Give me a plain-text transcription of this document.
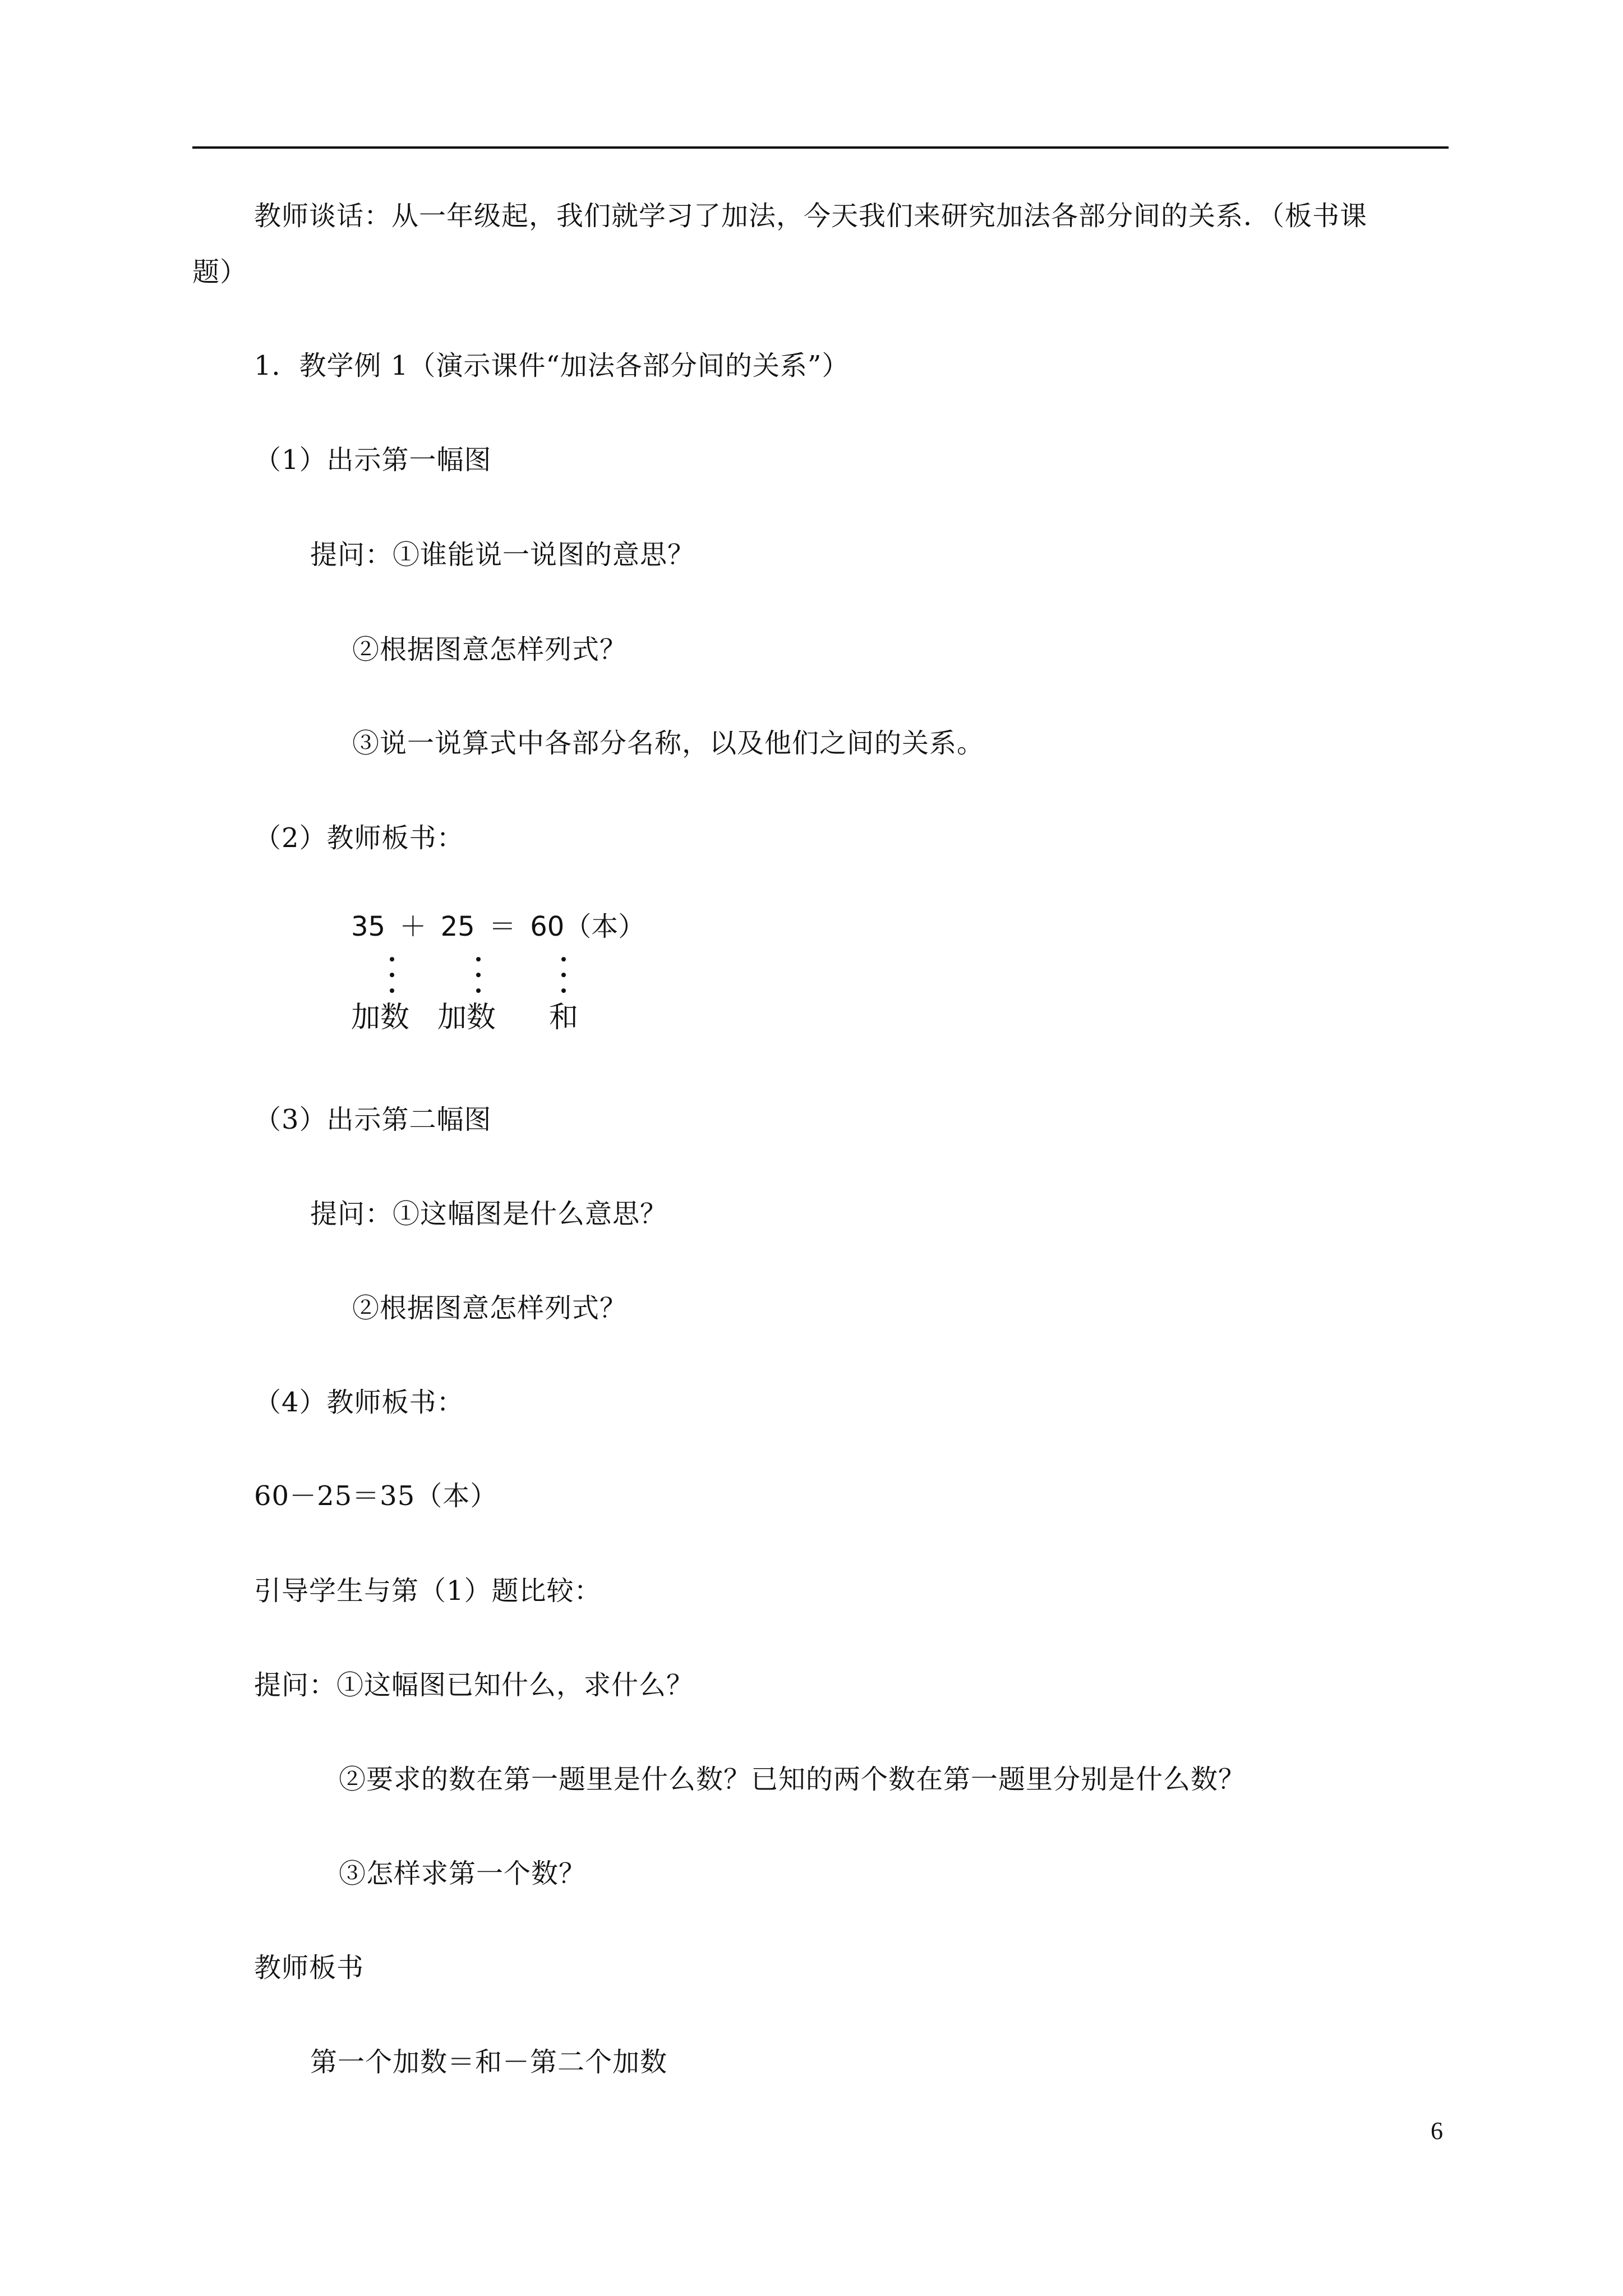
教师谈话：从一年级起，我们就学习了加法，今天我们来研究加法各部分间的关系．（板书课
题）
1．教学例 1（演示课件“加法各部分间的关系”）
（1）出示第一幅图
提问：①谁能说一说图的意思？
②根据图意怎样列式？
③说一说算式中各部分名称，以及他们之间的关系。
（2）教师板书：
35 ＋ 25 ＝ 60（本）
加数 加数 和
（3）出示第二幅图
提问：①这幅图是什么意思？
②根据图意怎样列式？
（4）教师板书：
60－25＝35（本）
引导学生与第（1）题比较：
提问：①这幅图已知什么，求什么？
②要求的数在第一题里是什么数？已知的两个数在第一题里分别是什么数？
③怎样求第一个数？
教师板书
第一个加数＝和－第二个加数
6
